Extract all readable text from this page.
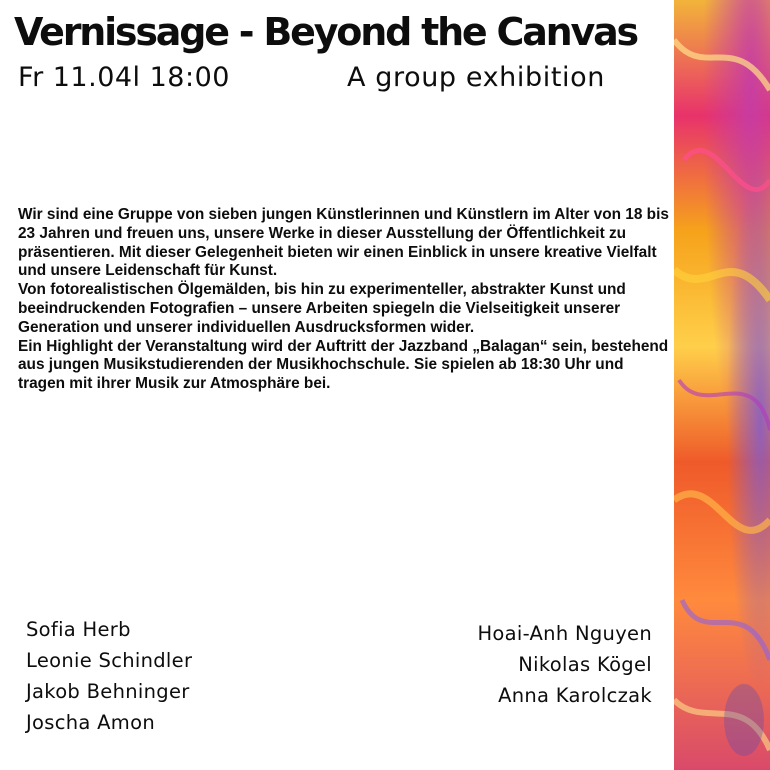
Vernissage - Beyond the Canvas
Fr 11.04l 18:00	A group exhibition

Wir sind eine Gruppe von sieben jungen Künstlerinnen und Künstlern im Alter von 18 bis 23 Jahren und freuen uns, unsere Werke in dieser Ausstellung der Öffentlichkeit zu präsentieren. Mit dieser Gelegenheit bieten wir einen Einblick in unsere kreative Vielfalt und unsere Leidenschaft für Kunst.

Von fotorealistischen Ölgemälden, bis hin zu experimenteller, abstrakter Kunst und beeindruckenden Fotografien – unsere Arbeiten spiegeln die Vielseitigkeit unserer Generation und unserer individuellen Ausdrucksformen wider.

Ein Highlight der Veranstaltung wird der Auftritt der Jazzband „Balagan“ sein, bestehend aus jungen Musikstudierenden der Musikhochschule. Sie spielen ab 18:30 Uhr und tragen mit ihrer Musik zur Atmosphäre bei.

Sofia Herb
Leonie Schindler
Jakob Behninger
Joscha Amon
Hoai-Anh Nguyen
Nikolas Kögel
Anna Karolczak
